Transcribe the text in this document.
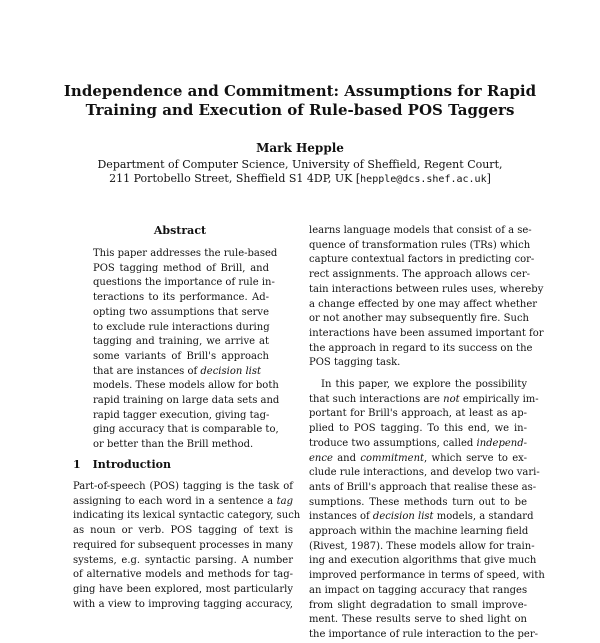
Independence and Commitment: Assumptions for Rapid
Training and Execution of Rule-based POS Taggers
Mark Hepple
Department of Computer Science, University of Sheffield, Regent Court,
211 Portobello Street, Sheffield S1 4DP, UK [hepple@dcs.shef.ac.uk]
Abstract
This paper addresses the rule-based
POS tagging method of Brill, and
questions the importance of rule in-
teractions to its performance. Ad-
opting two assumptions that serve
to exclude rule interactions during
tagging and training, we arrive at
some variants of Brill's approach
that are instances of decision list
models. These models allow for both
rapid training on large data sets and
rapid tagger execution, giving tag-
ging accuracy that is comparable to,
or better than the Brill method.
1 Introduction
Part-of-speech (POS) tagging is the task of
assigning to each word in a sentence a tag
indicating its lexical syntactic category, such
as noun or verb. POS tagging of text is
required for subsequent processes in many
systems, e.g. syntactic parsing. A number
of alternative models and methods for tag-
ging have been explored, most particularly
with a view to improving tagging accuracy,
learns language models that consist of a se-
quence of transformation rules (TRs) which
capture contextual factors in predicting cor-
rect assignments. The approach allows cer-
tain interactions between rules uses, whereby
a change effected by one may affect whether
or not another may subsequently fire. Such
interactions have been assumed important for
the approach in regard to its success on the
POS tagging task.
In this paper, we explore the possibility
that such interactions are not empirically im-
portant for Brill's approach, at least as ap-
plied to POS tagging. To this end, we in-
troduce two assumptions, called independ-
ence and commitment, which serve to ex-
clude rule interactions, and develop two vari-
ants of Brill's approach that realise these as-
sumptions. These methods turn out to be
instances of decision list models, a standard
approach within the machine learning field
(Rivest, 1987). These models allow for train-
ing and execution algorithms that give much
improved performance in terms of speed, with
an impact on tagging accuracy that ranges
from slight degradation to small improve-
ment. These results serve to shed light on
the importance of rule interaction to the per-
